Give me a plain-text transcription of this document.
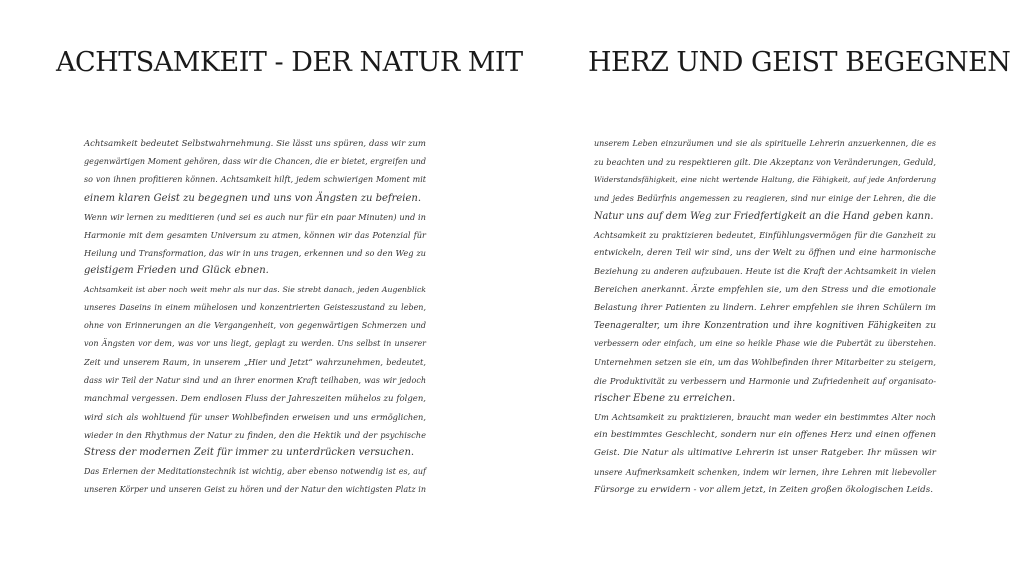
ACHTSAMKEIT - DER NATUR MIT
Achtsamkeit bedeutet Selbstwahrnehmung. Sie lässt uns spüren, dass wir zum
gegenwärtigen Moment gehören, dass wir die Chancen, die er bietet, ergreifen und
so von ihnen profitieren können. Achtsamkeit hilft, jedem schwierigen Moment mit
einem klaren Geist zu begegnen und uns von Ängsten zu befreien.
Wenn wir lernen zu meditieren (und sei es auch nur für ein paar Minuten) und in
Harmonie mit dem gesamten Universum zu atmen, können wir das Potenzial für
Heilung und Transformation, das wir in uns tragen, erkennen und so den Weg zu
geistigem Frieden und Glück ebnen.
Achtsamkeit ist aber noch weit mehr als nur das. Sie strebt danach, jeden Augenblick
unseres Daseins in einem mühelosen und konzentrierten Geisteszustand zu leben,
ohne von Erinnerungen an die Vergangenheit, von gegenwärtigen Schmerzen und
von Ängsten vor dem, was vor uns liegt, geplagt zu werden. Uns selbst in unserer
Zeit und unserem Raum, in unserem „Hier und Jetzt“ wahrzunehmen, bedeutet,
dass wir Teil der Natur sind und an ihrer enormen Kraft teilhaben, was wir jedoch
manchmal vergessen. Dem endlosen Fluss der Jahreszeiten mühelos zu folgen,
wird sich als wohltuend für unser Wohlbefinden erweisen und uns ermöglichen,
wieder in den Rhythmus der Natur zu finden, den die Hektik und der psychische
Stress der modernen Zeit für immer zu unterdrücken versuchen.
Das Erlernen der Meditationstechnik ist wichtig, aber ebenso notwendig ist es, auf
unseren Körper und unseren Geist zu hören und der Natur den wichtigsten Platz in
HERZ UND GEIST BEGEGNEN
unserem Leben einzuräumen und sie als spirituelle Lehrerin anzuerkennen, die es
zu beachten und zu respektieren gilt. Die Akzeptanz von Veränderungen, Geduld,
Widerstandsfähigkeit, eine nicht wertende Haltung, die Fähigkeit, auf jede Anforderung
und jedes Bedürfnis angemessen zu reagieren, sind nur einige der Lehren, die die
Natur uns auf dem Weg zur Friedfertigkeit an die Hand geben kann.
Achtsamkeit zu praktizieren bedeutet, Einfühlungsvermögen für die Ganzheit zu
entwickeln, deren Teil wir sind, uns der Welt zu öffnen und eine harmonische
Beziehung zu anderen aufzubauen. Heute ist die Kraft der Achtsamkeit in vielen
Bereichen anerkannt. Ärzte empfehlen sie, um den Stress und die emotionale
Belastung ihrer Patienten zu lindern. Lehrer empfehlen sie ihren Schülern im
Teenageralter, um ihre Konzentration und ihre kognitiven Fähigkeiten zu
verbessern oder einfach, um eine so heikle Phase wie die Pubertät zu überstehen.
Unternehmen setzen sie ein, um das Wohlbefinden ihrer Mitarbeiter zu steigern,
die Produktivität zu verbessern und Harmonie und Zufriedenheit auf organisato-
rischer Ebene zu erreichen.
Um Achtsamkeit zu praktizieren, braucht man weder ein bestimmtes Alter noch
ein bestimmtes Geschlecht, sondern nur ein offenes Herz und einen offenen
Geist. Die Natur als ultimative Lehrerin ist unser Ratgeber. Ihr müssen wir
unsere Aufmerksamkeit schenken, indem wir lernen, ihre Lehren mit liebevoller
Fürsorge zu erwidern - vor allem jetzt, in Zeiten großen ökologischen Leids.
